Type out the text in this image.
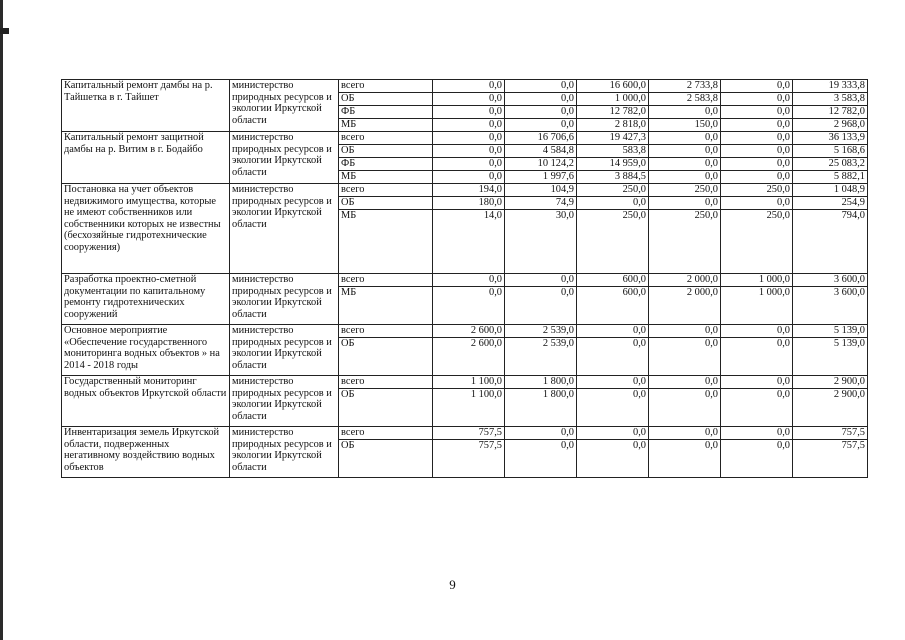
Капитальный ремонт дамбы на р. Тайшетка в г. Тайшет	министерство природных ресурсов и экологии Иркутской области	всего	0,0	0,0	16 600,0	2 733,8	0,0	19 333,8
		ОБ	0,0	0,0	1 000,0	2 583,8	0,0	3 583,8
		ФБ	0,0	0,0	12 782,0	0,0	0,0	12 782,0
		МБ	0,0	0,0	2 818,0	150,0	0,0	2 968,0
Капитальный ремонт защитной дамбы на р. Витим в г. Бодайбо	министерство природных ресурсов и экологии Иркутской области	всего	0,0	16 706,6	19 427,3	0,0	0,0	36 133,9
		ОБ	0,0	4 584,8	583,8	0,0	0,0	5 168,6
		ФБ	0,0	10 124,2	14 959,0	0,0	0,0	25 083,2
		МБ	0,0	1 997,6	3 884,5	0,0	0,0	5 882,1
Постановка на учет объектов недвижимого имущества, которые не имеют собственников или собственники которых не известны (бесхозяйные гидротехнические сооружения)	министерство природных ресурсов и экологии Иркутской области	всего	194,0	104,9	250,0	250,0	250,0	1 048,9
		ОБ	180,0	74,9	0,0	0,0	0,0	254,9
		МБ	14,0	30,0	250,0	250,0	250,0	794,0
Разработка проектно-сметной документации по капитальному ремонту гидротехнических сооружений	министерство природных ресурсов и экологии Иркутской области	всего	0,0	0,0	600,0	2 000,0	1 000,0	3 600,0
		МБ	0,0	0,0	600,0	2 000,0	1 000,0	3 600,0
Основное мероприятие «Обеспечение государственного мониторинга водных объектов » на 2014 - 2018 годы	министерство природных ресурсов и экологии Иркутской области	всего	2 600,0	2 539,0	0,0	0,0	0,0	5 139,0
		ОБ	2 600,0	2 539,0	0,0	0,0	0,0	5 139,0
Государственный мониторинг водных объектов Иркутской области	министерство природных ресурсов и экологии Иркутской области	всего	1 100,0	1 800,0	0,0	0,0	0,0	2 900,0
		ОБ	1 100,0	1 800,0	0,0	0,0	0,0	2 900,0
Инвентаризация земель Иркутской области, подверженных негативному воздействию водных объектов	министерство природных ресурсов и экологии Иркутской области	всего	757,5	0,0	0,0	0,0	0,0	757,5
		ОБ	757,5	0,0	0,0	0,0	0,0	757,5
9
